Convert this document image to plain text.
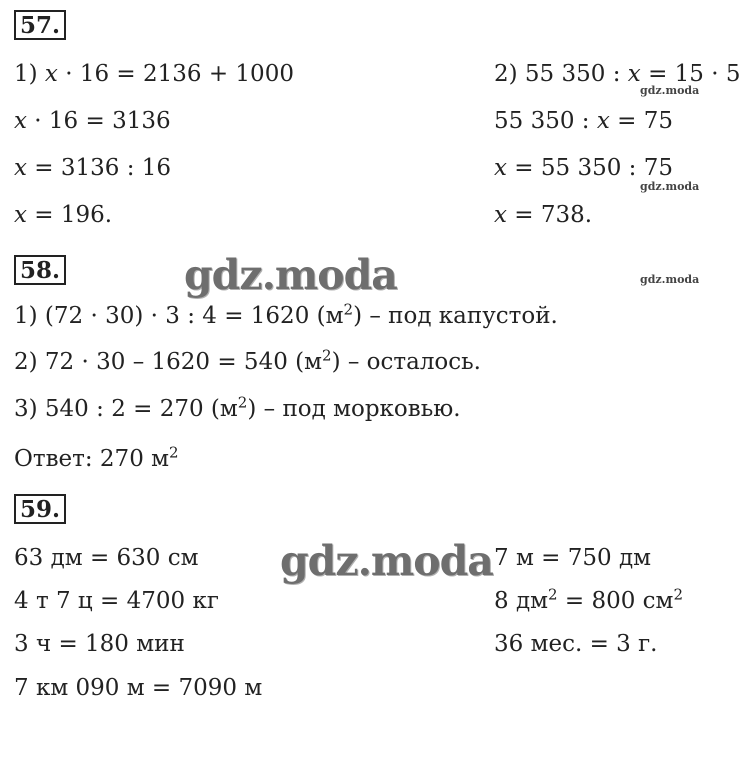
57.
1) x · 16 = 2136 + 1000
x · 16 = 3136
x = 3136 : 16
x = 196.
2) 55 350 : x = 15 · 5
55 350 : x = 75
x = 55 350 : 75
x = 738.
gdz.moda
gdz.moda
gdz.moda
58.	gdz.moda
1) (72 · 30) · 3 : 4 = 1620 $(м^2)$ – под капустой.
2) 72 · 30 – 1620 = 540 $(м^2)$ – осталось.
3) 540 : 2 = 270 $(м^2)$ – под морковью.
Ответ: 270 $м^2$
59.
gdz.moda
63 дм = 630 см
4 т 7 ц = 4700 кг
3 ч = 180 мин
7 км 090 м = 7090 м
7 м = 750 дм
8 $дм^2 = 800$ $см^2$
36 мес. = 3 г.
